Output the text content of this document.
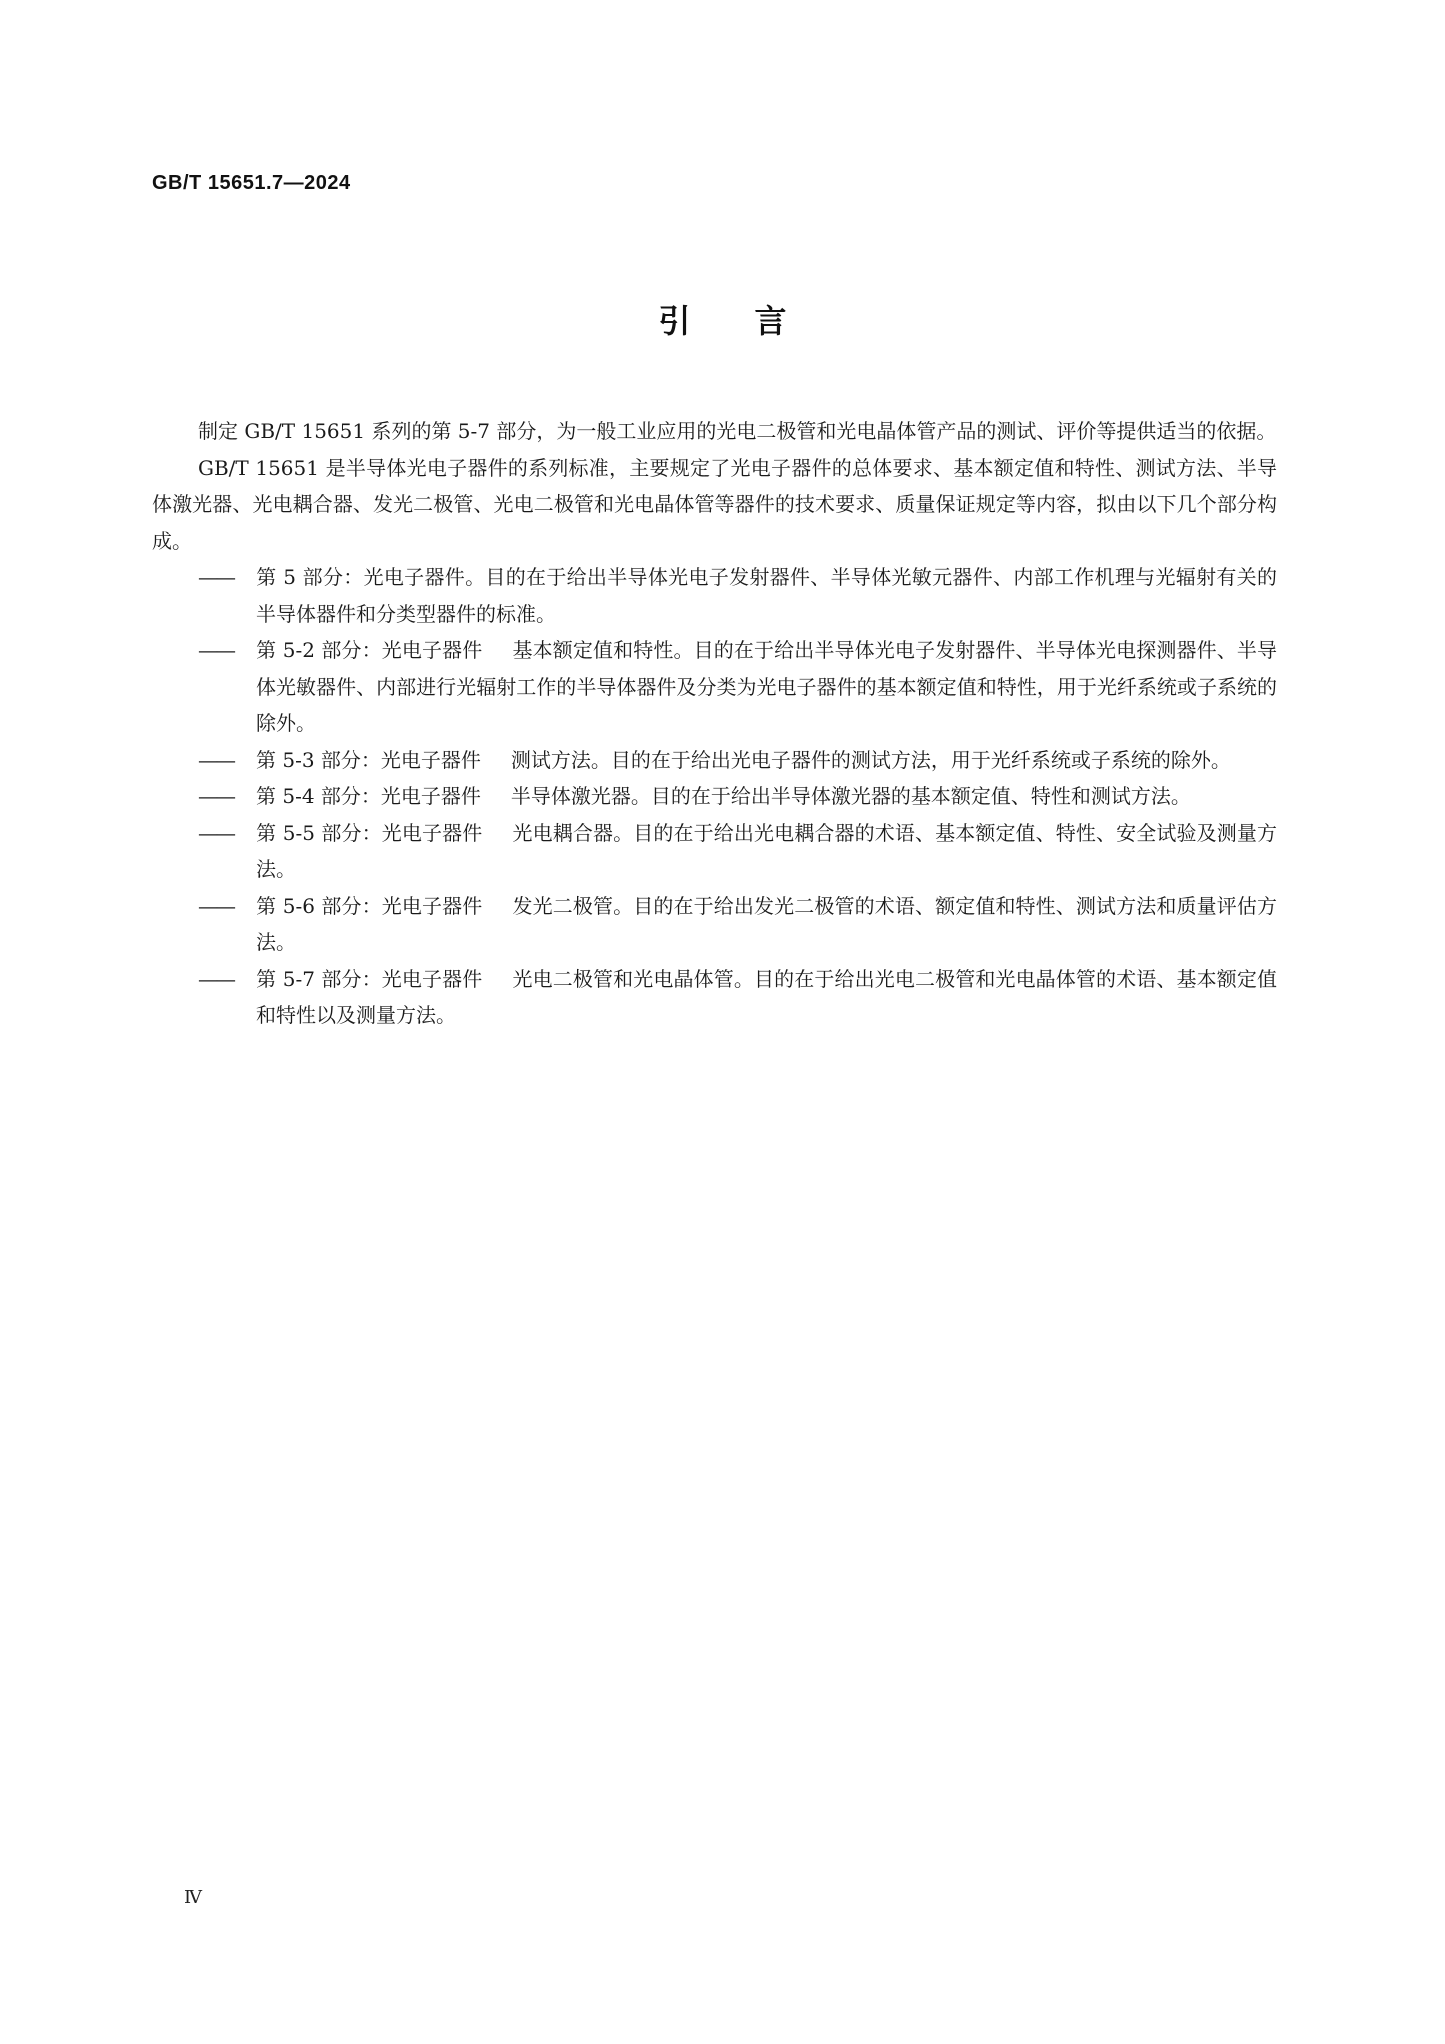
GB/T 15651.7—2024
引 言

制定 GB/T 15651 系列的第 5-7 部分，为一般工业应用的光电二极管和光电晶体管产品的测试、评价等提供适当的依据。

GB/T 15651 是半导体光电子器件的系列标准，主要规定了光电子器件的总体要求、基本额定值和特性、测试方法、半导体激光器、光电耦合器、发光二极管、光电二极管和光电晶体管等器件的技术要求、质量保证规定等内容，拟由以下几个部分构成。

—— 第 5 部分：光电子器件。目的在于给出半导体光电子发射器件、半导体光敏元器件、内部工作机理与光辐射有关的半导体器件和分类型器件的标准。
—— 第 5-2 部分：光电子器件 基本额定值和特性。目的在于给出半导体光电子发射器件、半导体光电探测器件、半导体光敏器件、内部进行光辐射工作的半导体器件及分类为光电子器件的基本额定值和特性，用于光纤系统或子系统的除外。
—— 第 5-3 部分：光电子器件 测试方法。目的在于给出光电子器件的测试方法，用于光纤系统或子系统的除外。
—— 第 5-4 部分：光电子器件 半导体激光器。目的在于给出半导体激光器的基本额定值、特性和测试方法。
—— 第 5-5 部分：光电子器件 光电耦合器。目的在于给出光电耦合器的术语、基本额定值、特性、安全试验及测量方法。
—— 第 5-6 部分：光电子器件 发光二极管。目的在于给出发光二极管的术语、额定值和特性、测试方法和质量评估方法。
—— 第 5-7 部分：光电子器件 光电二极管和光电晶体管。目的在于给出光电二极管和光电晶体管的术语、基本额定值和特性以及测量方法。
Ⅳ
